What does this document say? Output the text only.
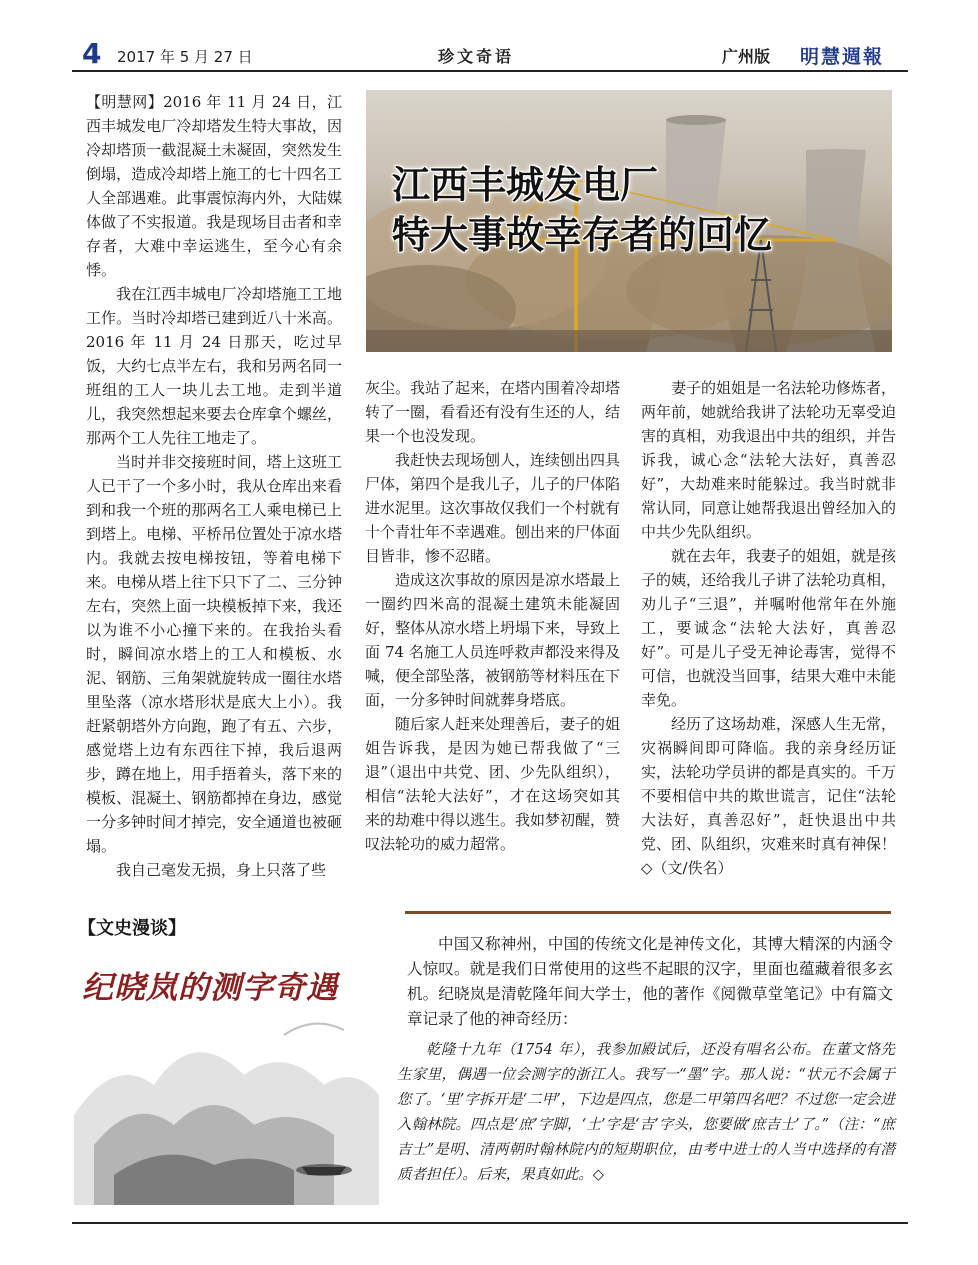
4 2017 年 5 月 27 日	珍文奇语	广州版 明慧週報

【明慧网】2016 年 11 月 24 日，江西丰城发电厂冷却塔发生特大事故，因冷却塔顶一截混凝土未凝固，突然发生倒塌，造成冷却塔上施工的七十四名工人全部遇难。此事震惊海内外，大陆媒体做了不实报道。我是现场目击者和幸存者，大难中幸运逃生，至今心有余悸。

我在江西丰城电厂冷却塔施工工地工作。当时冷却塔已建到近八十米高。2016 年 11 月 24 日那天，吃过早饭，大约七点半左右，我和另两名同一班组的工人一块儿去工地。走到半道儿，我突然想起来要去仓库拿个螺丝，那两个工人先往工地走了。

当时并非交接班时间，塔上这班工人已干了一个多小时，我从仓库出来看到和我一个班的那两名工人乘电梯已上到塔上。电梯、平桥吊位置处于凉水塔内。我就去按电梯按钮，等着电梯下来。电梯从塔上往下只下了二、三分钟左右，突然上面一块模板掉下来，我还以为谁不小心撞下来的。在我抬头看时，瞬间凉水塔上的工人和模板、水泥、钢筋、三角架就旋转成一圈往水塔里坠落（凉水塔形状是底大上小）。我赶紧朝塔外方向跑，跑了有五、六步，感觉塔上边有东西往下掉，我后退两步，蹲在地上，用手捂着头，落下来的模板、混凝土、钢筋都掉在身边，感觉一分多钟时间才掉完，安全通道也被砸塌。

我自己毫发无损，身上只落了些

江西丰城发电厂
特大事故幸存者的回忆

灰尘。我站了起来，在塔内围着冷却塔转了一圈，看看还有没有生还的人，结果一个也没发现。

我赶快去现场刨人，连续刨出四具尸体，第四个是我儿子，儿子的尸体陷进水泥里。这次事故仅我们一个村就有十个青壮年不幸遇难。刨出来的尸体面目皆非，惨不忍睹。

造成这次事故的原因是凉水塔最上一圈约四米高的混凝土建筑未能凝固好，整体从凉水塔上坍塌下来，导致上面 74 名施工人员连呼救声都没来得及喊，便全部坠落，被钢筋等材料压在下面，一分多钟时间就葬身塔底。

随后家人赶来处理善后，妻子的姐姐告诉我，是因为她已帮我做了“三退”（退出中共党、团、少先队组织），相信“法轮大法好”，才在这场突如其来的劫难中得以逃生。我如梦初醒，赞叹法轮功的威力超常。

妻子的姐姐是一名法轮功修炼者，两年前，她就给我讲了法轮功无辜受迫害的真相，劝我退出中共的组织，并告诉我，诚心念“法轮大法好，真善忍好”，大劫难来时能躲过。我当时就非常认同，同意让她帮我退出曾经加入的中共少先队组织。

就在去年，我妻子的姐姐，就是孩子的姨，还给我儿子讲了法轮功真相，劝儿子“三退”，并嘱咐他常年在外施工，要诚念“法轮大法好，真善忍好”。可是儿子受无神论毒害，觉得不可信，也就没当回事，结果大难中未能幸免。

经历了这场劫难，深感人生无常，灾祸瞬间即可降临。我的亲身经历证实，法轮功学员讲的都是真实的。千万不要相信中共的欺世谎言，记住“法轮大法好，真善忍好”，赶快退出中共党、团、队组织，灾难来时真有神保！◇（文/佚名）

【文史漫谈】
纪晓岚的测字奇遇

中国又称神州，中国的传统文化是神传文化，其博大精深的内涵令人惊叹。就是我们日常使用的这些不起眼的汉字，里面也蕴藏着很多玄机。纪晓岚是清乾隆年间大学士，他的著作《阅微草堂笔记》中有篇文章记录了他的神奇经历：

乾隆十九年（1754 年），我参加殿试后，还没有唱名公布。在董文恪先生家里，偶遇一位会测字的浙江人。我写一“墨”字。那人说：“状元不会属于您了。‘里’字拆开是‘二甲’，下边是四点，您是二甲第四名吧？不过您一定会进入翰林院。四点是‘庶’字脚，‘土’字是‘吉’字头，您要做‘庶吉士’了。”（注：“庶吉士”是明、清两朝时翰林院内的短期职位，由考中进士的人当中选择的有潜质者担任）。后来，果真如此。◇
